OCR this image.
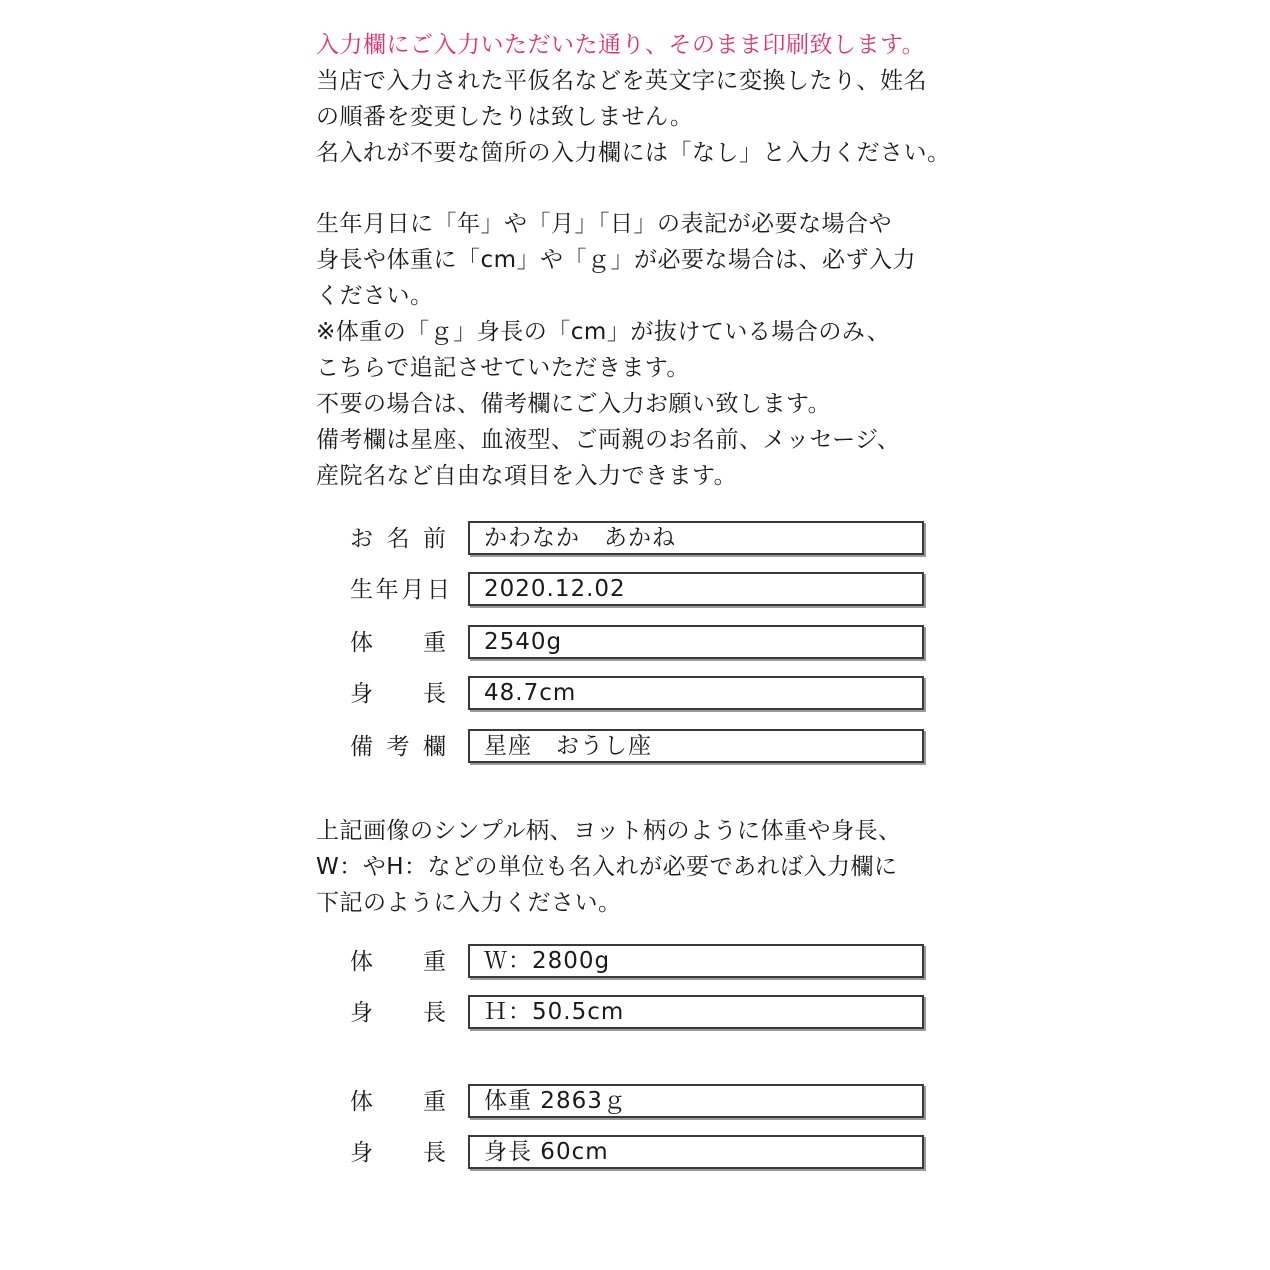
入力欄にご入力いただいた通り、そのまま印刷致します。
当店で入力された平仮名などを英文字に変換したり、姓名
の順番を変更したりは致しません。
名入れが不要な箇所の入力欄には「なし」と入力ください。
生年月日に「年」や「月」「日」の表記が必要な場合や
身長や体重に「cm」や「ｇ」が必要な場合は、必ず入力
ください。
※体重の「ｇ」身長の「cm」が抜けている場合のみ、
こちらで追記させていただきます。
不要の場合は、備考欄にご入力お願い致します。
備考欄は星座、血液型、ご両親のお名前、メッセージ、
産院名など自由な項目を入力できます。
お 名 前	かわなか　あかね
生 年 月 日	2020.12.02
体 重	2540g
身 長	48.7cm
備 考 欄	星座　おうし座
上記画像のシンプル柄、ヨット柄のように体重や身長、
W：やH：などの単位も名入れが必要であれば入力欄に
下記のように入力ください。
体 重	Ｗ：2800g
身 長	Ｈ：50.5cm
体 重	体重 2863ｇ
身 長	身長 60cm
